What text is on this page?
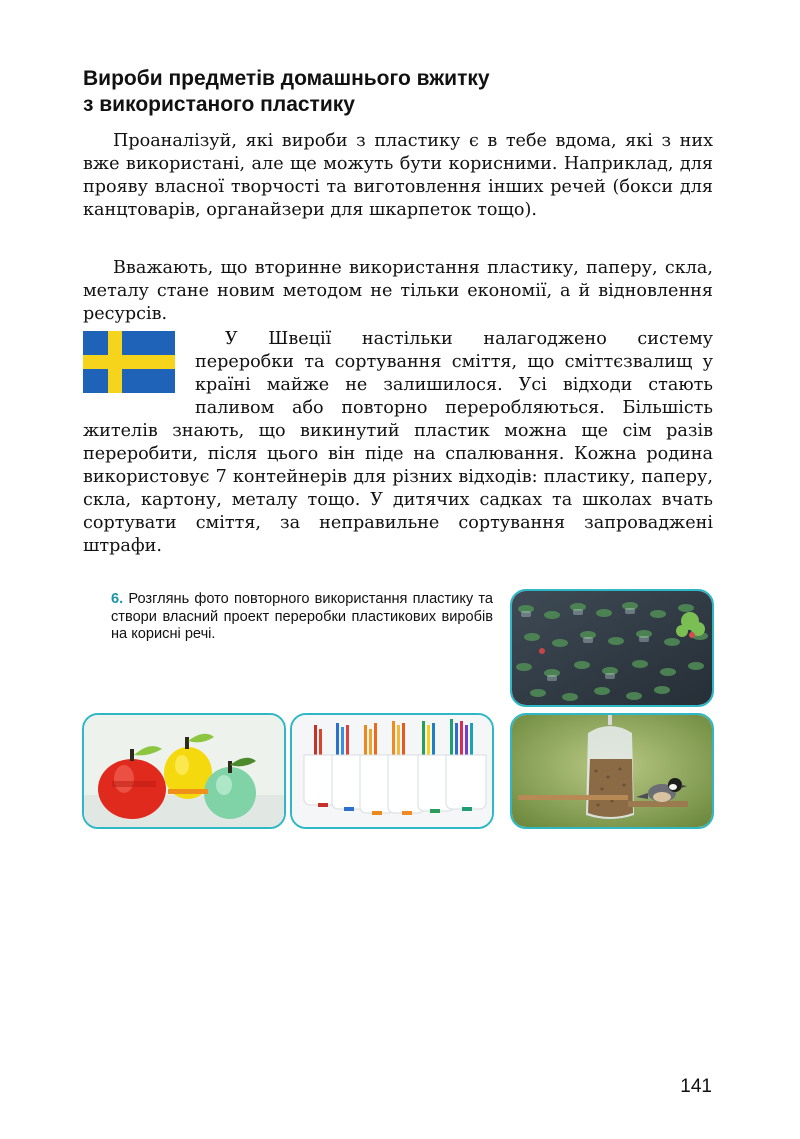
Вироби предметів домашнього вжитку
з використаного пластику

Проаналізуй, які вироби з пластику є в тебе вдома, які з них вже використані, але ще можуть бути корисними. Наприклад, для прояву власної творчості та виготовлення інших речей (бокси для канцтоварів, органайзери для шкарпеток тощо).

Вважають, що вторинне використання пластику, паперу, скла, металу стане новим методом не тільки економії, а й відновлення ресурсів.

У Швеції настільки налагоджено систему переробки та сортування сміття, що сміттєзвалищ у країні майже не залишилося. Усі відходи стають паливом або повторно переробляються. Більшість жителів знають, що викинутий пластик можна ще сім разів переробити, після цього він піде на спалювання. Кожна родина використовує 7 контейнерів для різних відходів: пластику, паперу, скла, картону, металу тощо. У дитячих садках та школах вчать сортувати сміття, за неправильне сортування запроваджені штрафи.
6. Розглянь фото повторного використання пластику та створи власний проект переробки пластикових виробів на корисні речі.
141
